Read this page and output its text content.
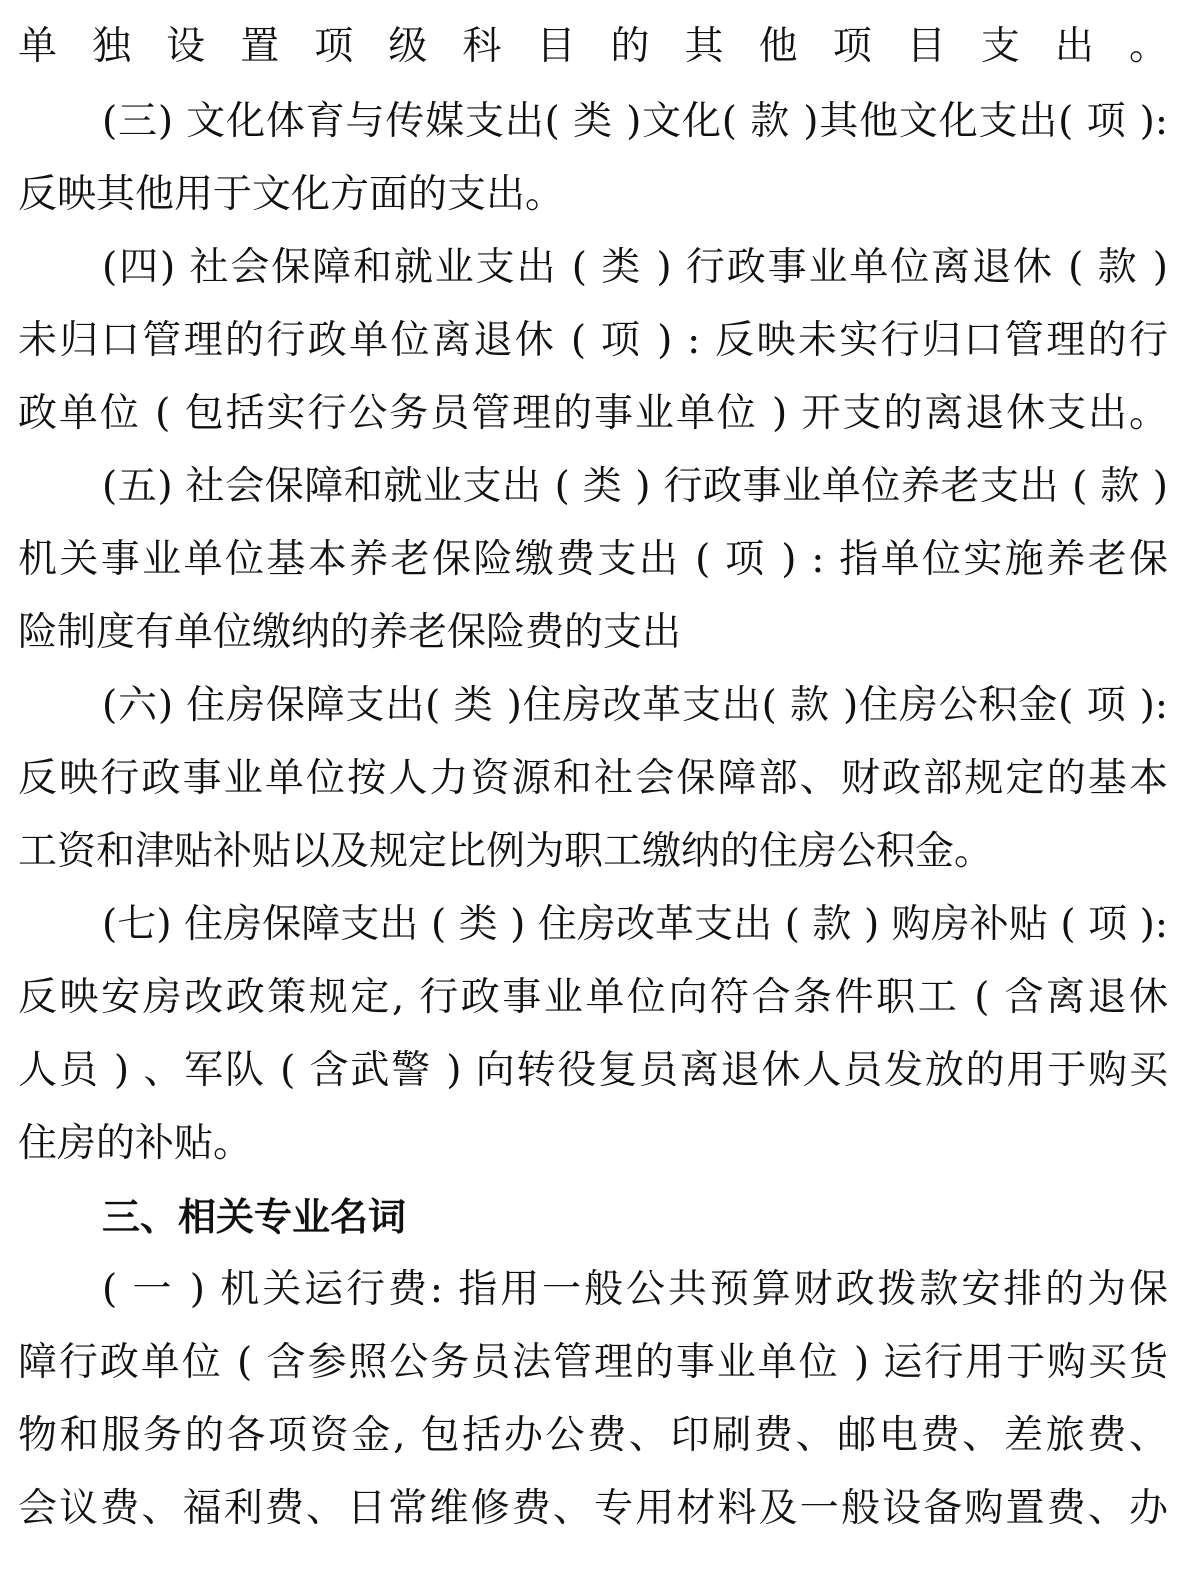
单独设置项级科目的其他项目支出。
(三) 文化体育与传媒支出( 类 )文化( 款 )其他文化支出( 项 ):
反映其他用于文化方面的支出。
(四) 社会保障和就业支出 ( 类 ) 行政事业单位离退休 ( 款 )
未归口管理的行政单位离退休 ( 项 ) : 反映未实行归口管理的行
政单位 ( 包括实行公务员管理的事业单位 ) 开支的离退休支出。
(五) 社会保障和就业支出 ( 类 ) 行政事业单位养老支出 ( 款 )
机关事业单位基本养老保险缴费支出 ( 项 ) : 指单位实施养老保
险制度有单位缴纳的养老保险费的支出
(六) 住房保障支出( 类 )住房改革支出( 款 )住房公积金( 项 ):
反映行政事业单位按人力资源和社会保障部、财政部规定的基本
工资和津贴补贴以及规定比例为职工缴纳的住房公积金。
(七) 住房保障支出 ( 类 ) 住房改革支出 ( 款 ) 购房补贴 ( 项 ):
反映安房改政策规定, 行政事业单位向符合条件职工 ( 含离退休
人员 ) 、军队 ( 含武警 ) 向转役复员离退休人员发放的用于购买
住房的补贴。
三、相关专业名词
( 一 ) 机关运行费: 指用一般公共预算财政拨款安排的为保
障行政单位 ( 含参照公务员法管理的事业单位 ) 运行用于购买货
物和服务的各项资金, 包括办公费、印刷费、邮电费、差旅费、
会议费、福利费、日常维修费、专用材料及一般设备购置费、办
